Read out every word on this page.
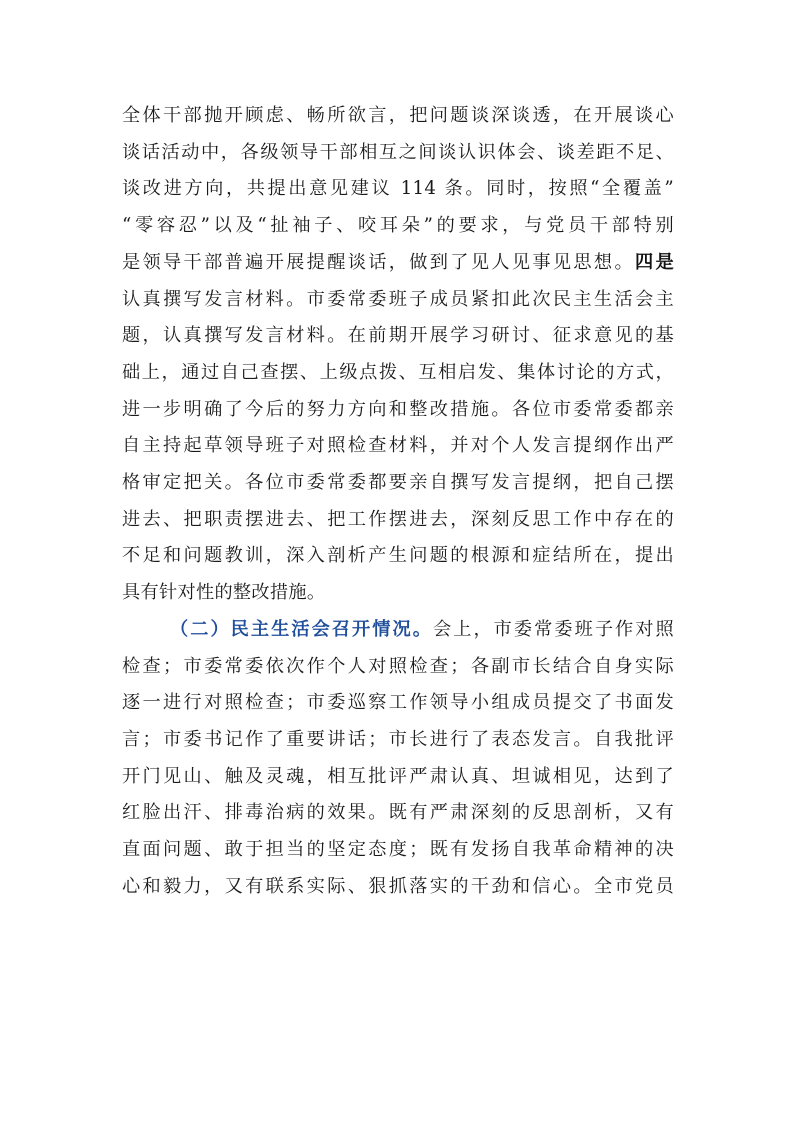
全体干部抛开顾虑、畅所欲言，把问题谈深谈透，在开展谈心
谈话活动中，各级领导干部相互之间谈认识体会、谈差距不足、
谈改进方向，共提出意见建议 114 条。同时，按照“全覆盖”
“零容忍”以及“扯袖子、咬耳朵”的要求，与党员干部特别
是领导干部普遍开展提醒谈话，做到了见人见事见思想。四是
认真撰写发言材料。市委常委班子成员紧扣此次民主生活会主
题，认真撰写发言材料。在前期开展学习研讨、征求意见的基
础上，通过自己查摆、上级点拨、互相启发、集体讨论的方式，
进一步明确了今后的努力方向和整改措施。各位市委常委都亲
自主持起草领导班子对照检查材料，并对个人发言提纲作出严
格审定把关。各位市委常委都要亲自撰写发言提纲，把自己摆
进去、把职责摆进去、把工作摆进去，深刻反思工作中存在的
不足和问题教训，深入剖析产生问题的根源和症结所在，提出
具有针对性的整改措施。
（二）民主生活会召开情况。会上，市委常委班子作对照
检查；市委常委依次作个人对照检查；各副市长结合自身实际
逐一进行对照检查；市委巡察工作领导小组成员提交了书面发
言；市委书记作了重要讲话；市长进行了表态发言。自我批评
开门见山、触及灵魂，相互批评严肃认真、坦诚相见，达到了
红脸出汗、排毒治病的效果。既有严肃深刻的反思剖析，又有
直面问题、敢于担当的坚定态度；既有发扬自我革命精神的决
心和毅力，又有联系实际、狠抓落实的干劲和信心。全市党员
